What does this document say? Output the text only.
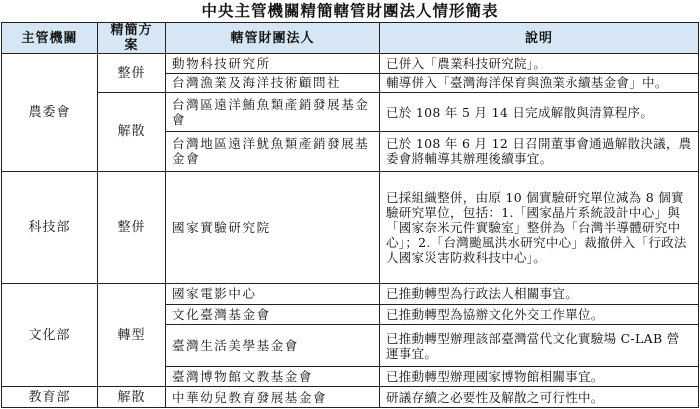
中央主管機關精簡轄管財團法人情形簡表
主管機關	精簡方案	轄管財團法人	說明
農委會	整併	動物科技研究所	已併入「農業科技研究院」。
		台灣漁業及海洋技術顧問社	輔導併入「臺灣海洋保育與漁業永續基金會」中。
	解散	台灣區遠洋鮪魚類產銷發展基金會	已於 108 年 5 月 14 日完成解散與清算程序。
		台灣地區遠洋魷魚類產銷發展基金會	已於 108 年 6 月 12 日召開董事會通過解散決議，農委會將輔導其辦理後續事宜。
科技部	整併	國家實驗研究院	已採組織整併，由原 10 個實驗研究單位減為 8 個實驗研究單位，包括：1.「國家晶片系統設計中心」與「國家奈米元件實驗室」整併為「台灣半導體研究中心」；2.「台灣颱風洪水研究中心」裁撤併入「行政法人國家災害防救科技中心」。
文化部	轉型	國家電影中心	已推動轉型為行政法人相關事宜。
		文化臺灣基金會	已推動轉型為協辦文化外交工作單位。
		臺灣生活美學基金會	已推動轉型辦理該部臺灣當代文化實驗場 C-LAB 營運事宜。
		臺灣博物館文教基金會	已推動轉型辦理國家博物館相關事宜。
教育部	解散	中華幼兒教育發展基金會	研議存續之必要性及解散之可行性中。
